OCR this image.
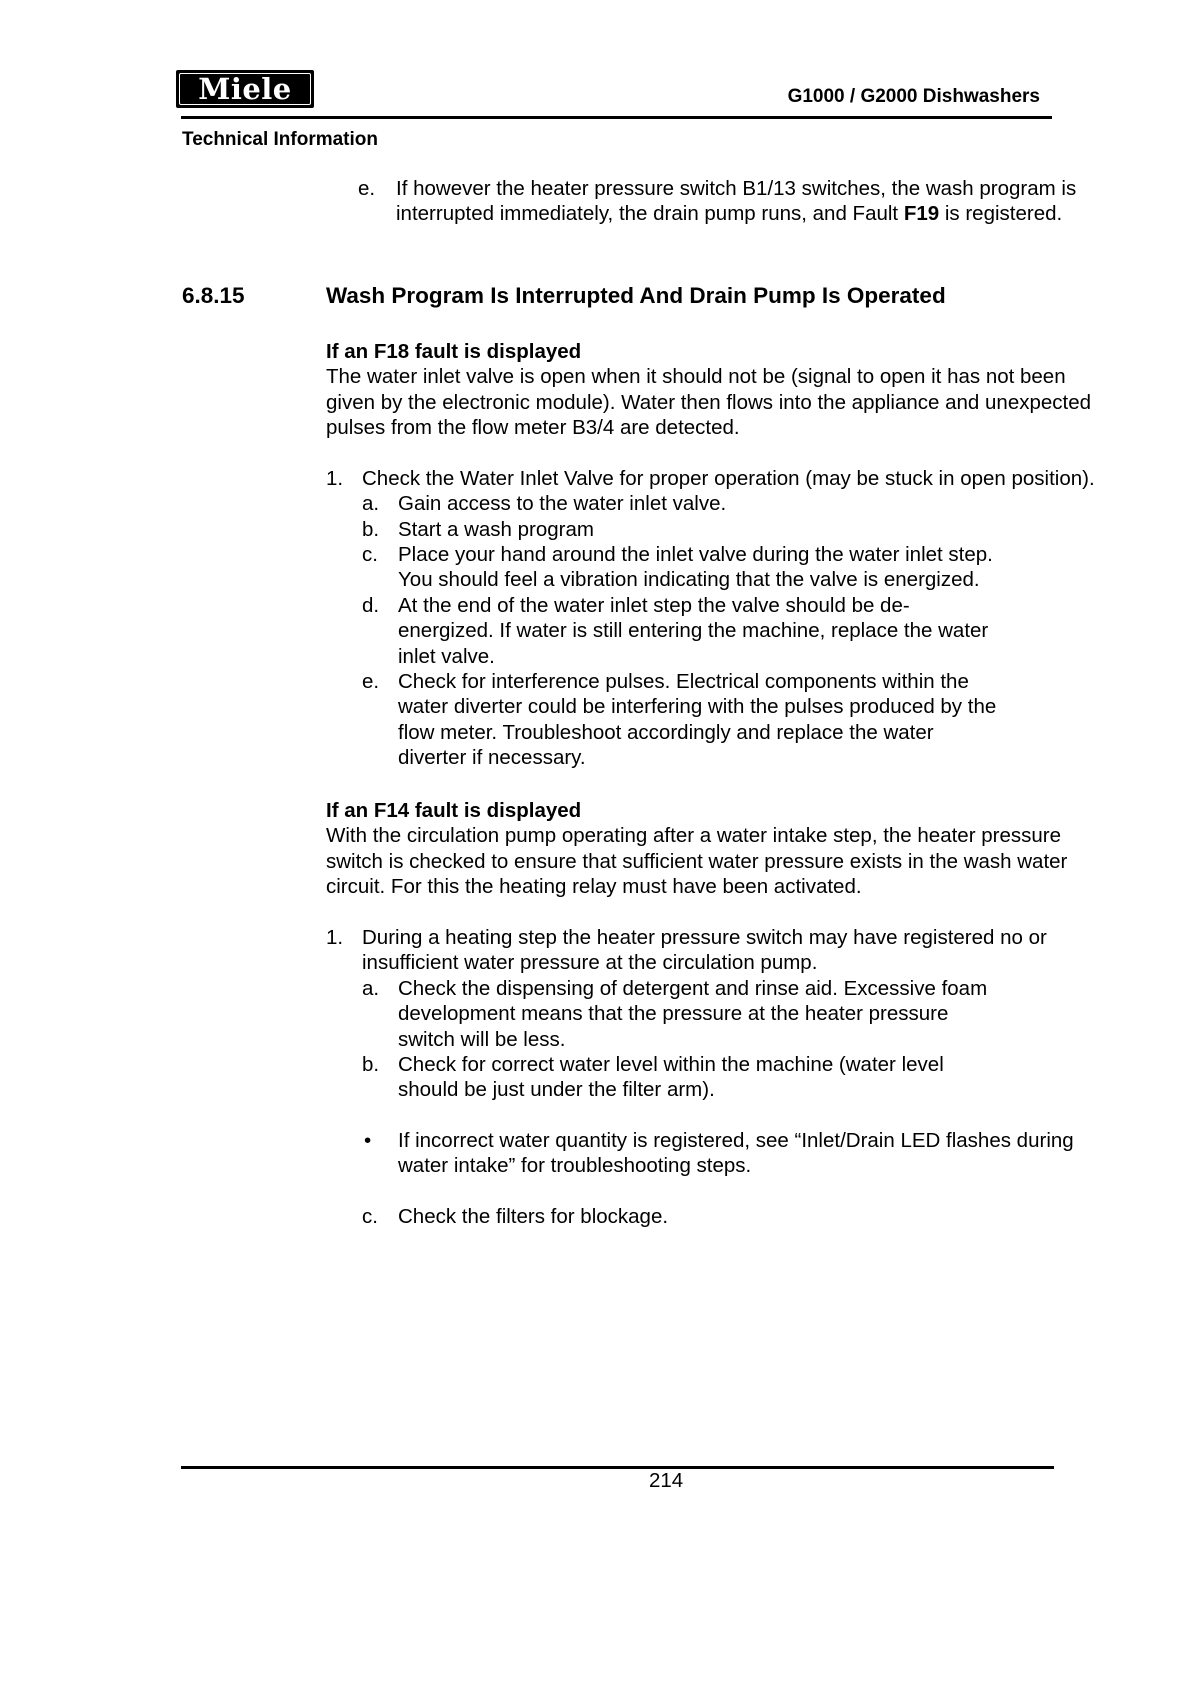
Miele	G1000 / G2000 Dishwashers
Technical Information
e. If however the heater pressure switch B1/13 switches, the wash program is interrupted immediately, the drain pump runs, and Fault F19 is registered.
6.8.15	Wash Program Is Interrupted And Drain Pump Is Operated
If an F18 fault is displayed
The water inlet valve is open when it should not be (signal to open it has not been
given by the electronic module). Water then flows into the appliance and unexpected
pulses from the flow meter B3/4 are detected.
1. Check the Water Inlet Valve for proper operation (may be stuck in open position).
a. Gain access to the water inlet valve.
b. Start a wash program
c. Place your hand around the inlet valve during the water inlet step.
You should feel a vibration indicating that the valve is energized.
d. At the end of the water inlet step the valve should be de-
energized. If water is still entering the machine, replace the water
inlet valve.
e. Check for interference pulses. Electrical components within the
water diverter could be interfering with the pulses produced by the
flow meter. Troubleshoot accordingly and replace the water
diverter if necessary.
If an F14 fault is displayed
With the circulation pump operating after a water intake step, the heater pressure
switch is checked to ensure that sufficient water pressure exists in the wash water
circuit. For this the heating relay must have been activated.
1. During a heating step the heater pressure switch may have registered no or
insufficient water pressure at the circulation pump.
a. Check the dispensing of detergent and rinse aid. Excessive foam
development means that the pressure at the heater pressure
switch will be less.
b. Check for correct water level within the machine (water level
should be just under the filter arm).
• If incorrect water quantity is registered, see “Inlet/Drain LED flashes during
water intake” for troubleshooting steps.
c. Check the filters for blockage.
214
